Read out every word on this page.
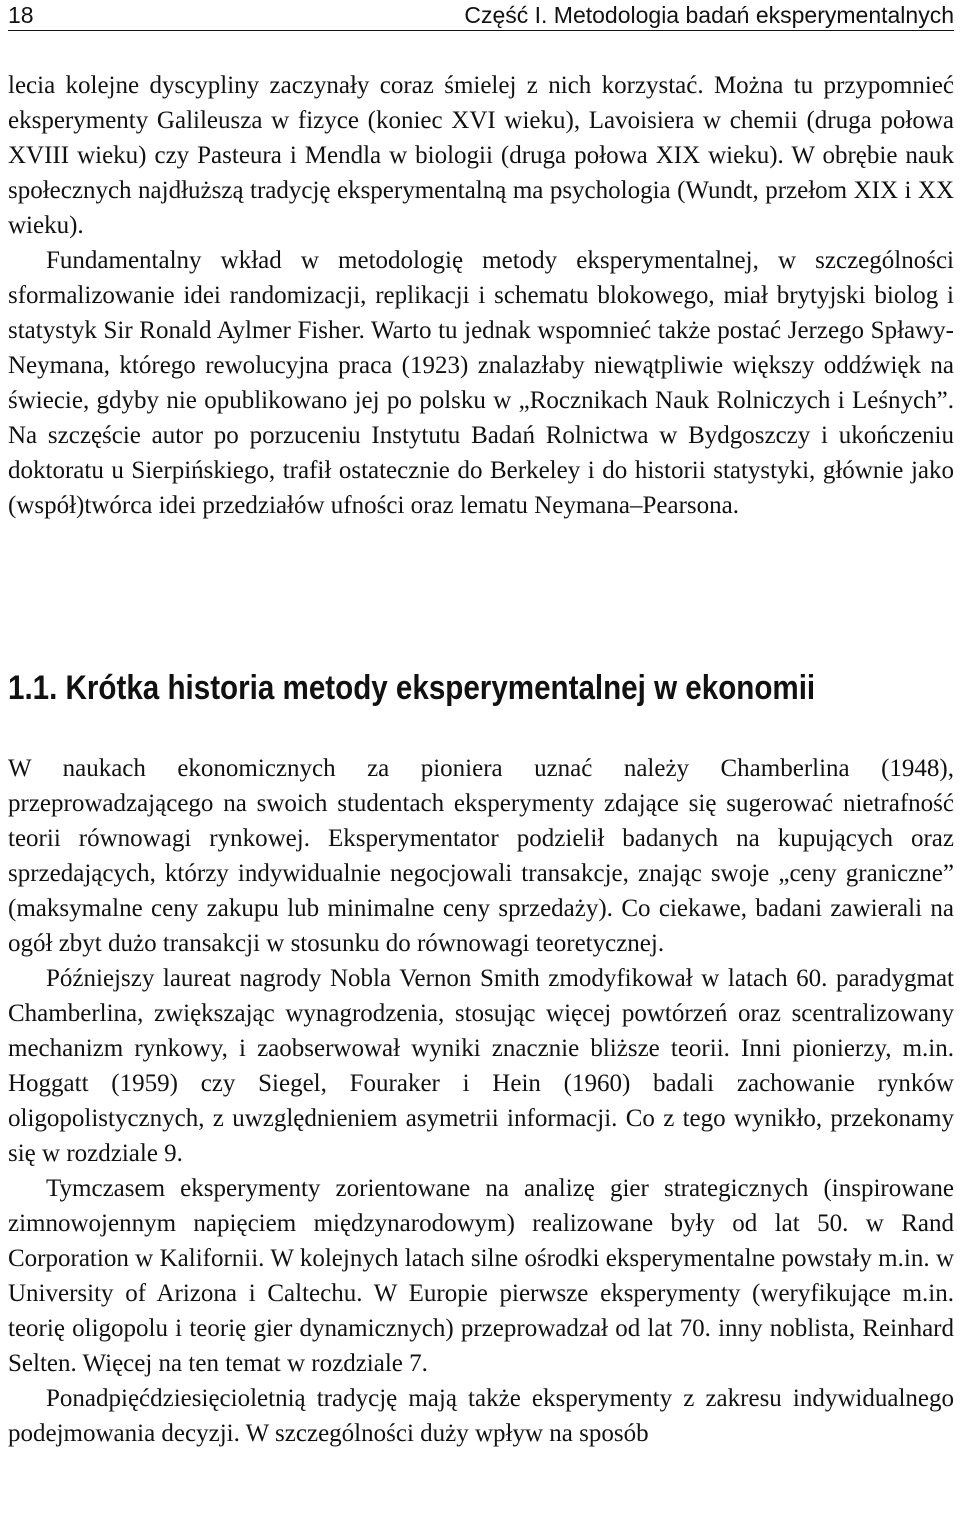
18	Część I. Metodologia badań eksperymentalnych

lecia kolejne dyscypliny zaczynały coraz śmielej z nich korzystać. Można tu przypomnieć eksperymenty Galileusza w fizyce (koniec XVI wieku), Lavoisiera w chemii (druga połowa XVIII wieku) czy Pasteura i Mendla w biologii (druga połowa XIX wieku). W obrębie nauk społecznych najdłuższą tradycję eksperymentalną ma psychologia (Wundt, przełom XIX i XX wieku).

Fundamentalny wkład w metodologię metody eksperymentalnej, w szczególności sformalizowanie idei randomizacji, replikacji i schematu blokowego, miał brytyjski biolog i statystyk Sir Ronald Aylmer Fisher. Warto tu jednak wspomnieć także postać Jerzego Spławy-Neymana, którego rewolucyjna praca (1923) znalazłaby niewątpliwie większy oddźwięk na świecie, gdyby nie opublikowano jej po polsku w „Rocznikach Nauk Rolniczych i Leśnych”. Na szczęście autor po porzuceniu Instytutu Badań Rolnictwa w Bydgoszczy i ukończeniu doktoratu u Sierpińskiego, trafił ostatecznie do Berkeley i do historii statystyki, głównie jako (współ)twórca idei przedziałów ufności oraz lematu Neymana–Pearsona.

1.1. Krótka historia metody eksperymentalnej w ekonomii

W naukach ekonomicznych za pioniera uznać należy Chamberlina (1948), przeprowadzającego na swoich studentach eksperymenty zdające się sugerować nietrafność teorii równowagi rynkowej. Eksperymentator podzielił badanych na kupujących oraz sprzedających, którzy indywidualnie negocjowali transakcje, znając swoje „ceny graniczne” (maksymalne ceny zakupu lub minimalne ceny sprzedaży). Co ciekawe, badani zawierali na ogół zbyt dużo transakcji w stosunku do równowagi teoretycznej.

Późniejszy laureat nagrody Nobla Vernon Smith zmodyfikował w latach 60. paradygmat Chamberlina, zwiększając wynagrodzenia, stosując więcej powtórzeń oraz scentralizowany mechanizm rynkowy, i zaobserwował wyniki znacznie bliższe teorii. Inni pionierzy, m.in. Hoggatt (1959) czy Siegel, Fouraker i Hein (1960) badali zachowanie rynków oligopolistycznych, z uwzględnieniem asymetrii informacji. Co z tego wynikło, przekonamy się w rozdziale 9.

Tymczasem eksperymenty zorientowane na analizę gier strategicznych (inspirowane zimnowojennym napięciem międzynarodowym) realizowane były od lat 50. w Rand Corporation w Kalifornii. W kolejnych latach silne ośrodki eksperymentalne powstały m.in. w University of Arizona i Caltechu. W Europie pierwsze eksperymenty (weryfikujące m.in. teorię oligopolu i teorię gier dynamicznych) przeprowadzał od lat 70. inny noblista, Reinhard Selten. Więcej na ten temat w rozdziale 7.

Ponadpięćdziesięcioletnią tradycję mają także eksperymenty z zakresu indywidualnego podejmowania decyzji. W szczególności duży wpływ na sposób
